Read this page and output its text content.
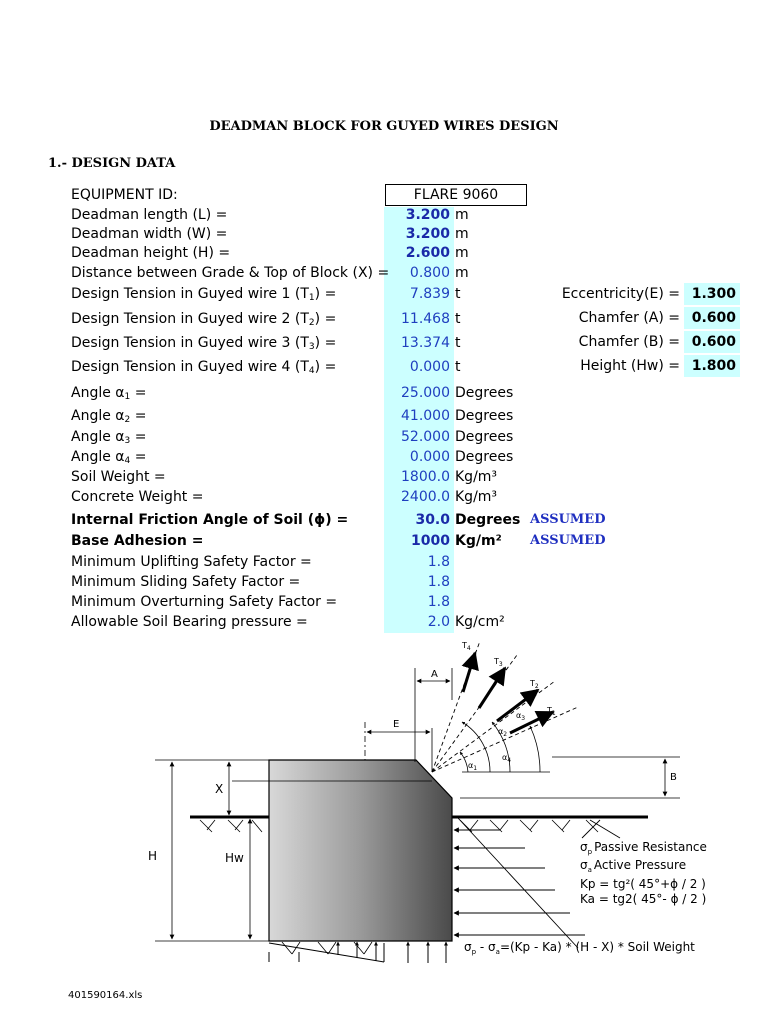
DEADMAN BLOCK FOR GUYED WIRES DESIGN
1.- DESIGN DATA
EQUIPMENT ID:	FLARE 9060
Deadman length (L) =	3.200 m
Deadman width (W) =	3.200 m
Deadman height (H) =	2.600 m
Distance between Grade & Top of Block (X) =	0.800 m
Design Tension in Guyed wire 1 $(T_1)$ =	7.839 t
Design Tension in Guyed wire 2 $(T_2)$ =	11.468 t
Design Tension in Guyed wire 3 $(T_3)$ =	13.374 t
Design Tension in Guyed wire 4 $(T_4)$ =	0.000 t
Angle $\alpha_1$ =	25.000 Degrees
Angle $\alpha_2$ =	41.000 Degrees
Angle $\alpha_3$ =	52.000 Degrees
Angle $\alpha_4$ =	0.000 Degrees
Soil Weight =	1800.0 Kg/m³
Concrete Weight =	2400.0 Kg/m³
Internal Friction Angle of Soil (ϕ) =	30.0 Degrees ASSUMED
Base Adhesion =	1000 Kg/m² ASSUMED
Minimum Uplifting Safety Factor =	1.8
Minimum Sliding Safety Factor =	1.8
Minimum Overturning Safety Factor =	1.8
Allowable Soil Bearing pressure =	2.0 Kg/cm²
Eccentricity(E) = 1.300
Chamfer (A) = 0.600
Chamfer (B) = 0.600
Height (Hw) = 1.800
H
X
Hw
E
A
B
$T_1$
$T_2$
$T_3$
$T_4$
$\alpha_1$
$\alpha_2$
$\alpha_3$
$\alpha_4$
$\sigma_p$ Passive Resistance
$\sigma_a$ Active Pressure
Kp = tg²( 45°+ϕ / 2 )
Ka = tg2( 45°- ϕ / 2 )
$\sigma_p - \sigma_a=(Kp - Ka) * (H - X)$ * Soil Weight
401590164.xls
